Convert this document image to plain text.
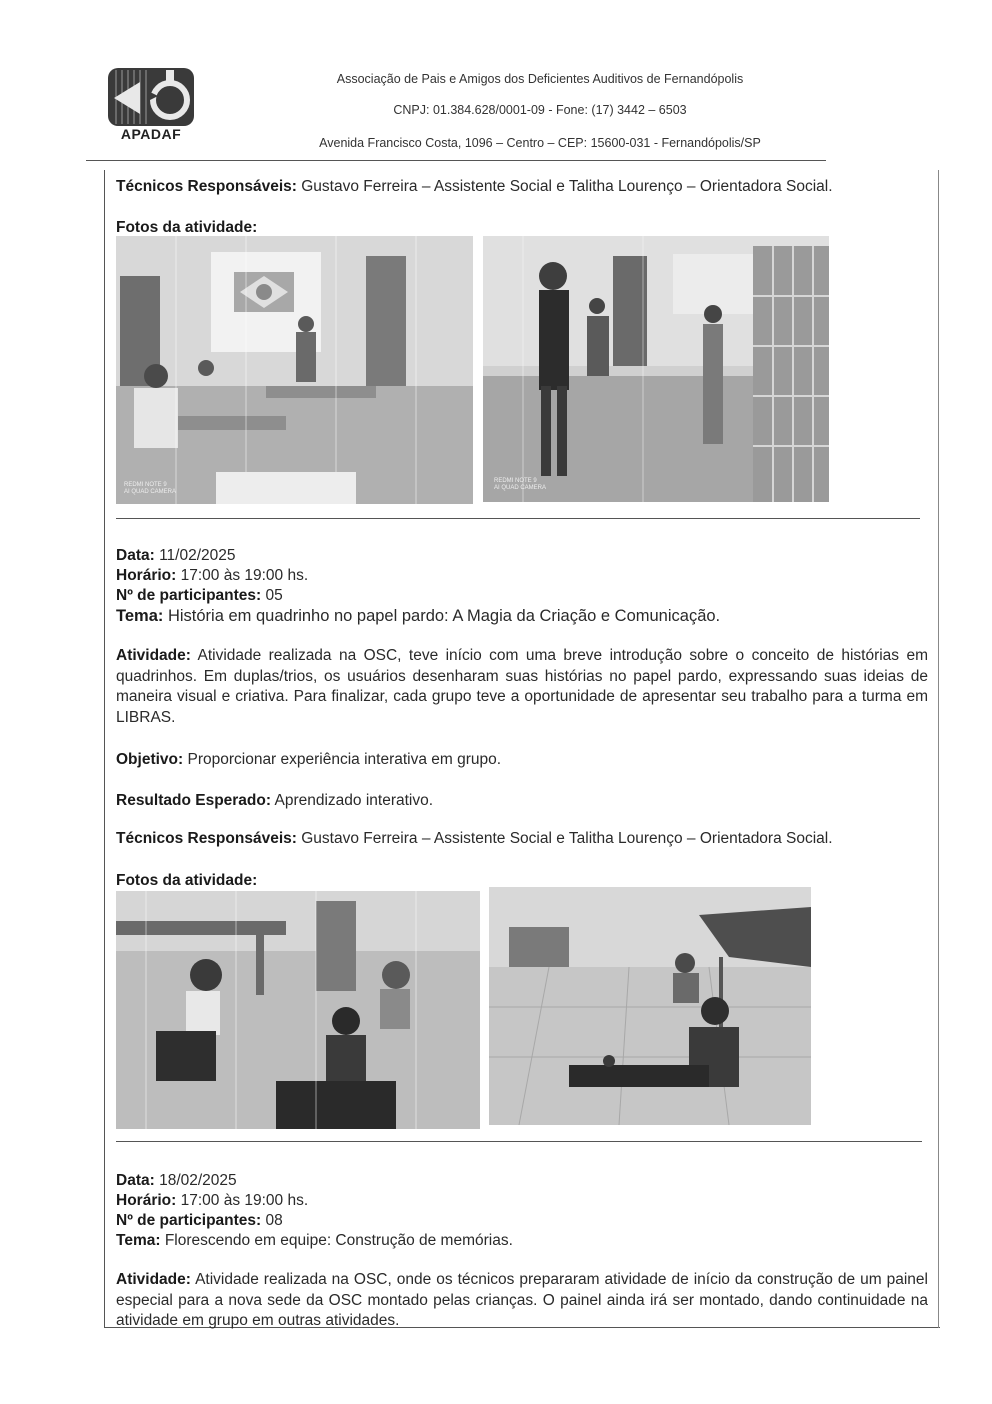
APADAF
Associação de Pais e Amigos dos Deficientes Auditivos de Fernandópolis
CNPJ: 01.384.628/0001-09 - Fone: (17) 3442 – 6503
Avenida Francisco Costa, 1096 – Centro – CEP: 15600-031 - Fernandópolis/SP
Técnicos Responsáveis: Gustavo Ferreira – Assistente Social e Talitha Lourenço – Orientadora Social.
Fotos da atividade:
REDMI NOTE 9
AI QUAD CAMERA
REDMI NOTE 9
AI QUAD CAMERA
Data: 11/02/2025
Horário: 17:00 às 19:00 hs.
Nº de participantes: 05
Tema: História em quadrinho no papel pardo: A Magia da Criação e Comunicação.
Atividade: Atividade realizada na OSC, teve início com uma breve introdução sobre o conceito de histórias em quadrinhos. Em duplas/trios, os usuários desenharam suas histórias no papel pardo, expressando suas ideias de maneira visual e criativa. Para finalizar, cada grupo teve a oportunidade de apresentar seu trabalho para a turma em LIBRAS.
Objetivo: Proporcionar experiência interativa em grupo.
Resultado Esperado: Aprendizado interativo.
Técnicos Responsáveis: Gustavo Ferreira – Assistente Social e Talitha Lourenço – Orientadora Social.
Fotos da atividade:
Data: 18/02/2025
Horário: 17:00 às 19:00 hs.
Nº de participantes: 08
Tema: Florescendo em equipe: Construção de memórias.
Atividade: Atividade realizada na OSC, onde os técnicos prepararam atividade de início da construção de um painel especial para a nova sede da OSC montado pelas crianças. O painel ainda irá ser montado, dando continuidade na atividade em grupo em outras atividades.
